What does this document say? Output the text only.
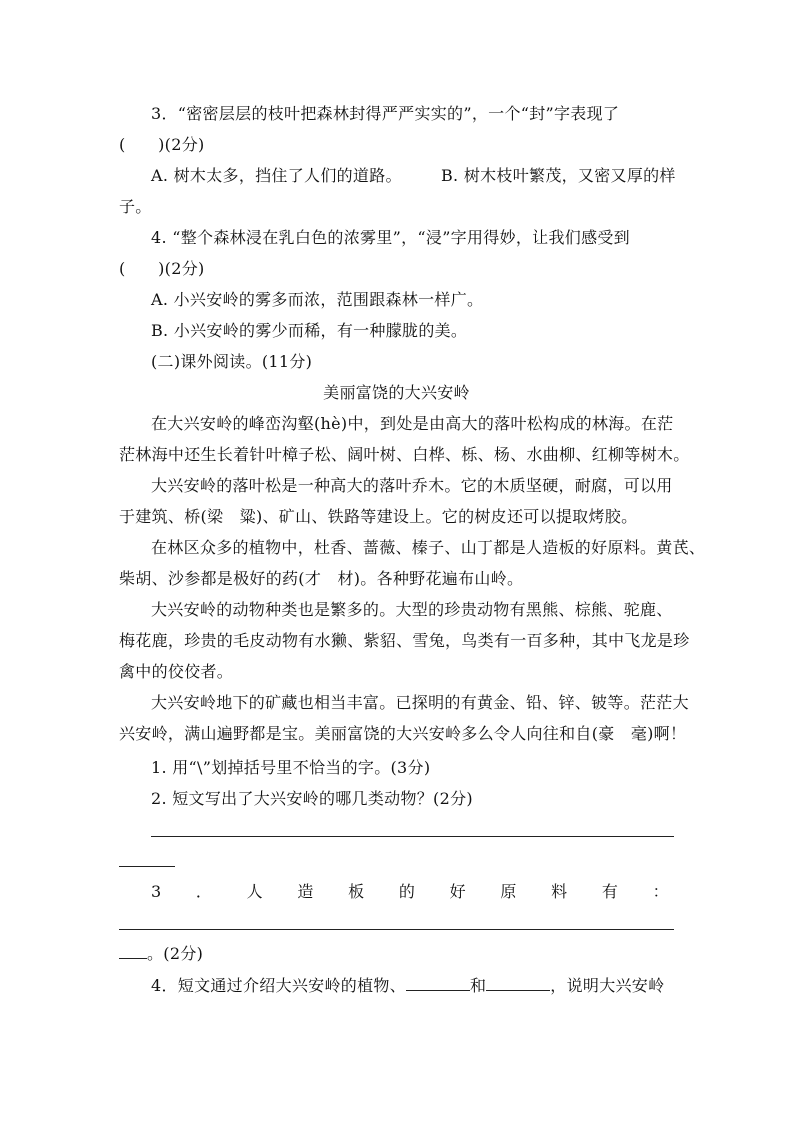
3．“密密层层的枝叶把森林封得严严实实的”，一个“封”字表现了
(　　)(2分)
A. 树木太多，挡住了人们的道路。	B. 树木枝叶繁茂，又密又厚的样
子。
4. “整个森林浸在乳白色的浓雾里”，“浸”字用得妙，让我们感受到
(　　)(2分)
A. 小兴安岭的雾多而浓，范围跟森林一样广。
B. 小兴安岭的雾少而稀，有一种朦胧的美。
(二)课外阅读。(11分)
美丽富饶的大兴安岭
在大兴安岭的峰峦沟壑(hè)中，到处是由高大的落叶松构成的林海。在茫
茫林海中还生长着针叶樟子松、阔叶树、白桦、栎、杨、水曲柳、红柳等树木。
大兴安岭的落叶松是一种高大的落叶乔木。它的木质坚硬，耐腐，可以用
于建筑、桥(梁　粱)、矿山、铁路等建设上。它的树皮还可以提取烤胶。
在林区众多的植物中，杜香、蔷薇、榛子、山丁都是人造板的好原料。黄芪、
柴胡、沙参都是极好的药(才　材)。各种野花遍布山岭。
大兴安岭的动物种类也是繁多的。大型的珍贵动物有黑熊、棕熊、驼鹿、
梅花鹿，珍贵的毛皮动物有水獭、紫貂、雪兔，鸟类有一百多种，其中飞龙是珍
禽中的佼佼者。
大兴安岭地下的矿藏也相当丰富。已探明的有黄金、铅、锌、铍等。茫茫大
兴安岭，满山遍野都是宝。美丽富饶的大兴安岭多么令人向往和自(豪　毫)啊！
1. 用“\”划掉括号里不恰当的字。(3分)
2. 短文写出了大兴安岭的哪几类动物？(2分)
3 ． 人 造 板 的 好 原 料 有 ：
。(2分)
4．短文通过介绍大兴安岭的植物、	和	，说明大兴安岭
